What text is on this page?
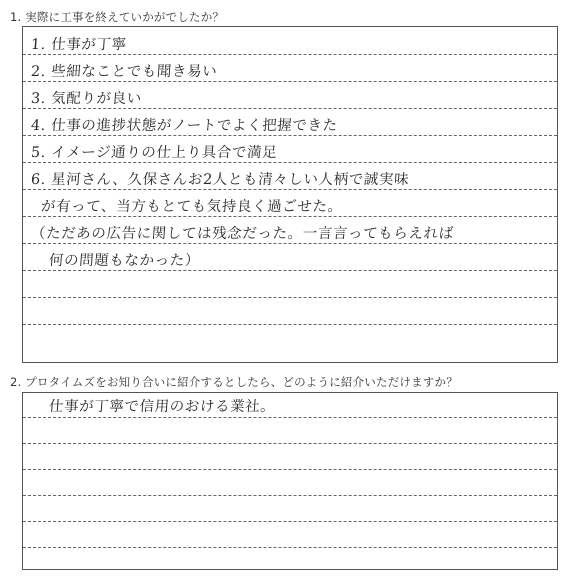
1. 実際に工事を終えていかがでしたか？
1. 仕事が丁寧
2. 些細なことでも聞き易い
3. 気配りが良い
4. 仕事の進捗状態がノートでよく把握できた
5. イメージ通りの仕上り具合で満足
6. 星河さん、久保さんお2人とも清々しい人柄で誠実味
が有って、当方もとても気持良く過ごせた。
（ただあの広告に関しては残念だった。一言言ってもらえれば
何の問題もなかった）
2. プロタイムズをお知り合いに紹介するとしたら、どのように紹介いただけますか？
仕事が丁寧で信用のおける業社。
